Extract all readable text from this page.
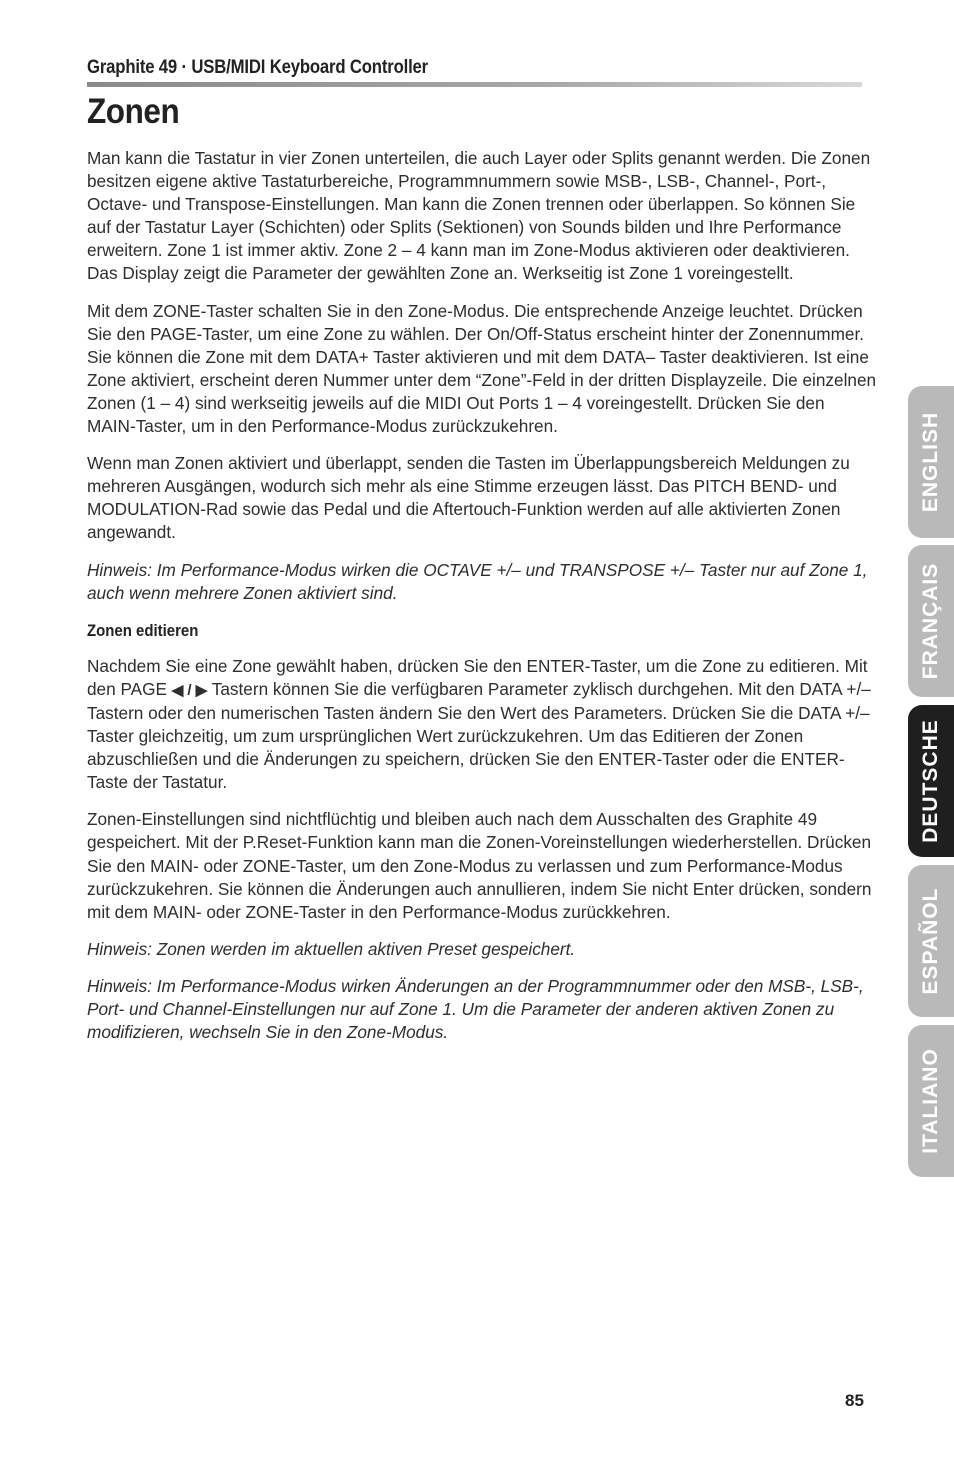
Graphite 49 · USB/MIDI Keyboard Controller
Zonen

Man kann die Tastatur in vier Zonen unterteilen, die auch Layer oder Splits genannt werden. Die Zonen besitzen eigene aktive Tastaturbereiche, Programmnummern sowie MSB-, LSB-, Channel-, Port-, Octave- und Transpose-Einstellungen. Man kann die Zonen trennen oder überlappen. So können Sie auf der Tastatur Layer (Schichten) oder Splits (Sektionen) von Sounds bilden und Ihre Performance erweitern. Zone 1 ist immer aktiv. Zone 2 – 4 kann man im Zone-Modus aktivieren oder deaktivieren. Das Display zeigt die Parameter der gewählten Zone an. Werkseitig ist Zone 1 voreingestellt.

Mit dem ZONE-Taster schalten Sie in den Zone-Modus. Die entsprechende Anzeige leuchtet. Drücken Sie den PAGE-Taster, um eine Zone zu wählen. Der On/Off-Status erscheint hinter der Zonennummer. Sie können die Zone mit dem DATA+ Taster aktivieren und mit dem DATA– Taster deaktivieren. Ist eine Zone aktiviert, erscheint deren Nummer unter dem “Zone”-Feld in der dritten Displayzeile. Die einzelnen Zonen (1 – 4) sind werkseitig jeweils auf die MIDI Out Ports 1 – 4 voreingestellt. Drücken Sie den MAIN-Taster, um in den Performance-Modus zurückzukehren.

Wenn man Zonen aktiviert und überlappt, senden die Tasten im Überlappungsbereich Meldungen zu mehreren Ausgängen, wodurch sich mehr als eine Stimme erzeugen lässt. Das PITCH BEND- und MODULATION-Rad sowie das Pedal und die Aftertouch-Funktion werden auf alle aktivierten Zonen angewandt.

Hinweis: Im Performance-Modus wirken die OCTAVE +/– und TRANSPOSE +/– Taster nur auf Zone 1, auch wenn mehrere Zonen aktiviert sind.

Zonen editieren

Nachdem Sie eine Zone gewählt haben, drücken Sie den ENTER-Taster, um die Zone zu editieren. Mit den PAGE ◀ / ▶ Tastern können Sie die verfügbaren Parameter zyklisch durchgehen. Mit den DATA +/– Tastern oder den numerischen Tasten ändern Sie den Wert des Parameters. Drücken Sie die DATA +/– Taster gleichzeitig, um zum ursprünglichen Wert zurückzukehren. Um das Editieren der Zonen abzuschließen und die Änderungen zu speichern, drücken Sie den ENTER-Taster oder die ENTER-Taste der Tastatur.

Zonen-Einstellungen sind nichtflüchtig und bleiben auch nach dem Ausschalten des Graphite 49 gespeichert. Mit der P.Reset-Funktion kann man die Zonen-Voreinstellungen wiederherstellen. Drücken Sie den MAIN- oder ZONE-Taster, um den Zone-Modus zu verlassen und zum Performance-Modus zurückzukehren. Sie können die Änderungen auch annullieren, indem Sie nicht Enter drücken, sondern mit dem MAIN- oder ZONE-Taster in den Performance-Modus zurückkehren.

Hinweis: Zonen werden im aktuellen aktiven Preset gespeichert.

Hinweis: Im Performance-Modus wirken Änderungen an der Programmnummer oder den MSB-, LSB-, Port- und Channel-Einstellungen nur auf Zone 1. Um die Parameter der anderen aktiven Zonen zu modifizieren, wechseln Sie in den Zone-Modus.

ENGLISH
FRANÇAIS
DEUTSCHE
ESPAÑOL
ITALIANO
85
